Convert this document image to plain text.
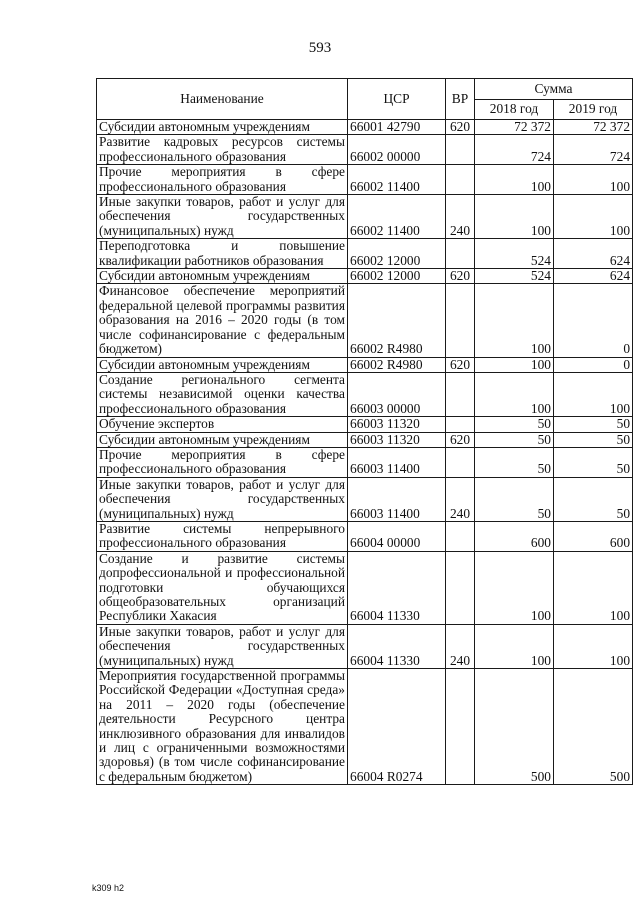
593
Наименование	ЦСР	ВР	Сумма	
			2018 год	2019 год
Субсидии автономным учреждениям	66001 42790	620	72 372	72 372
Развитие кадровых ресурсов системы профессионального образования	66002 00000		724	724
Прочие мероприятия в сфере профессионального образования	66002 11400		100	100
Иные закупки товаров, работ и услуг для обеспечения государственных (муниципальных) нужд	66002 11400	240	100	100
Переподготовка и повышение квалификации работников образования	66002 12000		524	624
Субсидии автономным учреждениям	66002 12000	620	524	624
Финансовое обеспечение мероприятий федеральной целевой программы развития образования на 2016 – 2020 годы (в том числе софинансирование с федеральным бюджетом)	66002 R4980		100	0
Субсидии автономным учреждениям	66002 R4980	620	100	0
Создание регионального сегмента системы независимой оценки качества профессионального образования	66003 00000		100	100
Обучение экспертов	66003 11320		50	50
Субсидии автономным учреждениям	66003 11320	620	50	50
Прочие мероприятия в сфере профессионального образования	66003 11400		50	50
Иные закупки товаров, работ и услуг для обеспечения государственных (муниципальных) нужд	66003 11400	240	50	50
Развитие системы непрерывного профессионального образования	66004 00000		600	600
Создание и развитие системы допрофессиональной и профессиональной подготовки обучающихся общеобразовательных организаций Республики Хакасия	66004 11330		100	100
Иные закупки товаров, работ и услуг для обеспечения государственных (муниципальных) нужд	66004 11330	240	100	100
Мероприятия государственной программы Российской Федерации «Доступная среда» на 2011 – 2020 годы (обеспечение деятельности Ресурсного центра инклюзивного образования для инвалидов и лиц с ограниченными возможностями здоровья) (в том числе софинансирование с федеральным бюджетом)	66004 R0274		500	500
k309 h2
